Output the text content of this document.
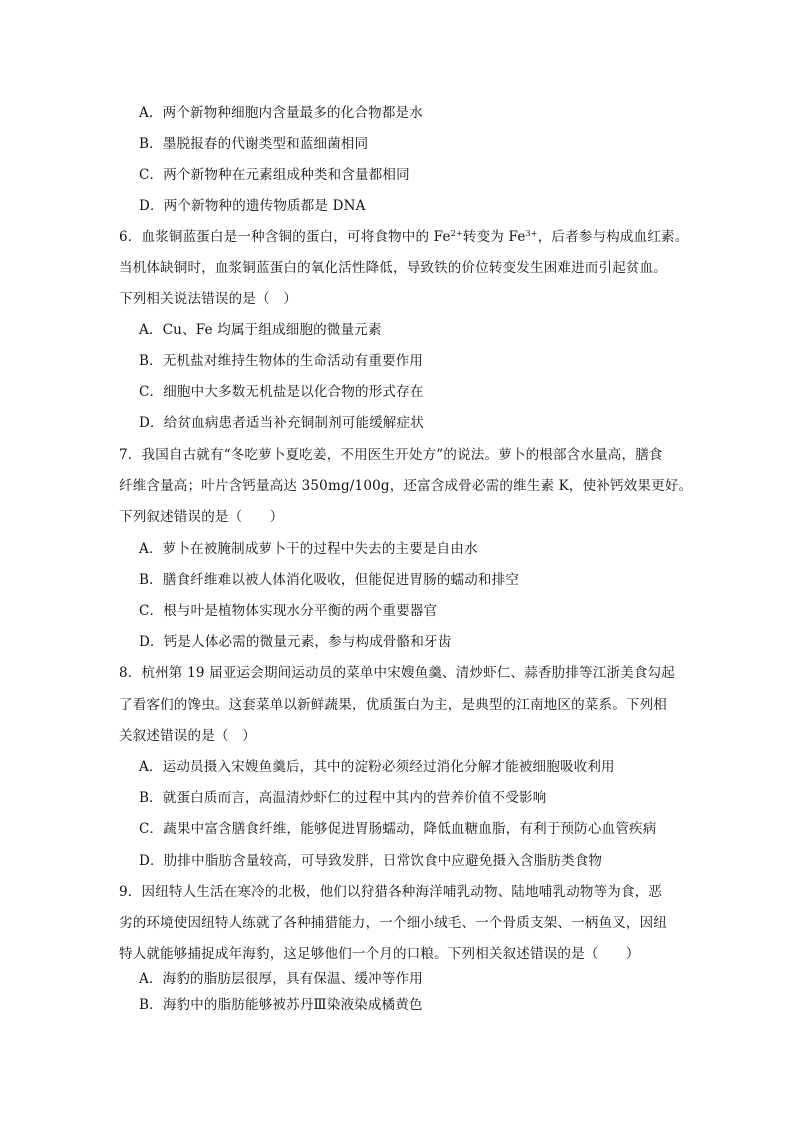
A．两个新物种细胞内含量最多的化合物都是水
B．墨脱报春的代谢类型和蓝细菌相同
C．两个新物种在元素组成种类和含量都相同
D．两个新物种的遗传物质都是 DNA
6．血浆铜蓝蛋白是一种含铜的蛋白，可将食物中的 $Fe^{2+}$转变为 $Fe^{3+}$，后者参与构成血红素。
当机体缺铜时，血浆铜蓝蛋白的氧化活性降低，导致铁的价位转变发生困难进而引起贫血。
下列相关说法错误的是（　）
A．Cu、Fe 均属于组成细胞的微量元素
B．无机盐对维持生物体的生命活动有重要作用
C．细胞中大多数无机盐是以化合物的形式存在
D．给贫血病患者适当补充铜制剂可能缓解症状
7．我国自古就有“冬吃萝卜夏吃姜，不用医生开处方”的说法。萝卜的根部含水量高，膳食
纤维含量高；叶片含钙量高达 350mg/100g，还富含成骨必需的维生素 K，使补钙效果更好。
下列叙述错误的是（　　）
A．萝卜在被腌制成萝卜干的过程中失去的主要是自由水
B．膳食纤维难以被人体消化吸收，但能促进胃肠的蠕动和排空
C．根与叶是植物体实现水分平衡的两个重要器官
D．钙是人体必需的微量元素，参与构成骨骼和牙齿
8．杭州第 19 届亚运会期间运动员的菜单中宋嫂鱼羹、清炒虾仁、蒜香肋排等江浙美食勾起
了看客们的馋虫。这套菜单以新鲜蔬果，优质蛋白为主，是典型的江南地区的菜系。下列相
关叙述错误的是（　）
A．运动员摄入宋嫂鱼羹后，其中的淀粉必须经过消化分解才能被细胞吸收利用
B．就蛋白质而言，高温清炒虾仁的过程中其内的营养价值不受影响
C．蔬果中富含膳食纤维，能够促进胃肠蠕动，降低血糖血脂，有利于预防心血管疾病
D．肋排中脂肪含量较高，可导致发胖，日常饮食中应避免摄入含脂肪类食物
9．因纽特人生活在寒冷的北极，他们以狩猎各种海洋哺乳动物、陆地哺乳动物等为食，恶
劣的环境使因纽特人练就了各种捕猎能力，一个细小绒毛、一个骨质支架、一柄鱼叉，因纽
特人就能够捕捉成年海豹，这足够他们一个月的口粮。下列相关叙述错误的是（　　）
A．海豹的脂肪层很厚，具有保温、缓冲等作用
B．海豹中的脂肪能够被苏丹Ⅲ染液染成橘黄色
